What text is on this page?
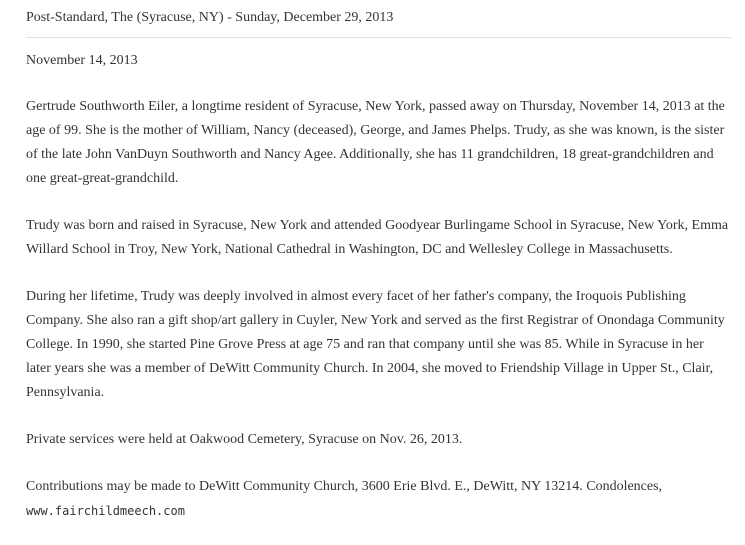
Post-Standard, The (Syracuse, NY) - Sunday, December 29, 2013
November 14, 2013

Gertrude Southworth Eiler, a longtime resident of Syracuse, New York, passed away on Thursday, November 14, 2013 at the age of 99. She is the mother of William, Nancy (deceased), George, and James Phelps. Trudy, as she was known, is the sister of the late John VanDuyn Southworth and Nancy Agee. Additionally, she has 11 grandchildren, 18 great-grandchildren and one great-great-grandchild.

Trudy was born and raised in Syracuse, New York and attended Goodyear Burlingame School in Syracuse, New York, Emma Willard School in Troy, New York, National Cathedral in Washington, DC and Wellesley College in Massachusetts.

During her lifetime, Trudy was deeply involved in almost every facet of her father's company, the Iroquois Publishing Company. She also ran a gift shop/art gallery in Cuyler, New York and served as the first Registrar of Onondaga Community College. In 1990, she started Pine Grove Press at age 75 and ran that company until she was 85. While in Syracuse in her later years she was a member of DeWitt Community Church. In 2004, she moved to Friendship Village in Upper St., Clair, Pennsylvania.

Private services were held at Oakwood Cemetery, Syracuse on Nov. 26, 2013.

Contributions may be made to DeWitt Community Church, 3600 Erie Blvd. E., DeWitt, NY 13214. Condolences,
www.fairchildmeech.com
